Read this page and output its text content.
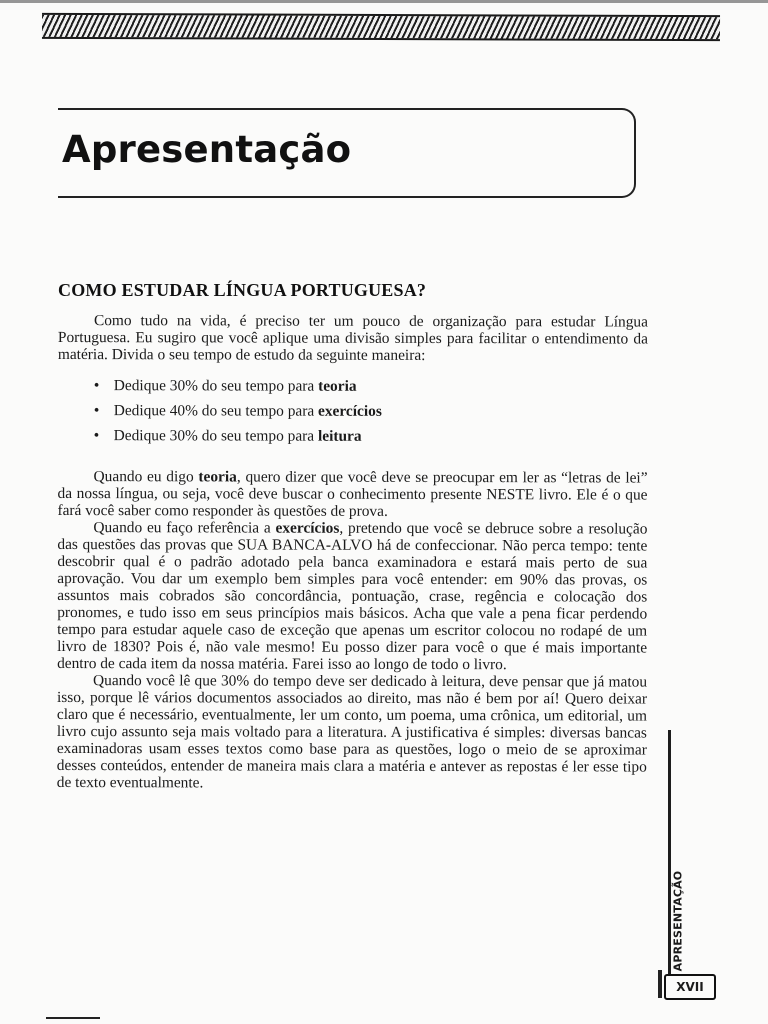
Apresentação
COMO ESTUDAR LÍNGUA PORTUGUESA?

Como tudo na vida, é preciso ter um pouco de organização para estudar Língua Portuguesa. Eu sugiro que você aplique uma divisão simples para facilitar o entendimento da matéria. Divida o seu tempo de estudo da seguinte maneira:

• Dedique 30% do seu tempo para teoria
• Dedique 40% do seu tempo para exercícios
• Dedique 30% do seu tempo para leitura

Quando eu digo teoria, quero dizer que você deve se preocupar em ler as “letras de lei” da nossa língua, ou seja, você deve buscar o conhecimento presente NESTE livro. Ele é o que fará você saber como responder às questões de prova.

Quando eu faço referência a exercícios, pretendo que você se debruce sobre a resolução das questões das provas que SUA BANCA-ALVO há de confeccionar. Não perca tempo: tente descobrir qual é o padrão adotado pela banca examinadora e estará mais perto de sua aprovação. Vou dar um exemplo bem simples para você entender: em 90% das provas, os assuntos mais cobrados são concordância, pontuação, crase, regência e colocação dos pronomes, e tudo isso em seus princípios mais básicos. Acha que vale a pena ficar perdendo tempo para estudar aquele caso de exceção que apenas um escritor colocou no rodapé de um livro de 1830? Pois é, não vale mesmo! Eu posso dizer para você o que é mais importante dentro de cada item da nossa matéria. Farei isso ao longo de todo o livro.

Quando você lê que 30% do tempo deve ser dedicado à leitura, deve pensar que já matou isso, porque lê vários documentos associados ao direito, mas não é bem por aí! Quero deixar claro que é necessário, eventualmente, ler um conto, um poema, uma crônica, um editorial, um livro cujo assunto seja mais voltado para a literatura. A justificativa é simples: diversas bancas examinadoras usam esses textos como base para as questões, logo o meio de se aproximar desses conteúdos, entender de maneira mais clara a matéria e antever as repostas é ler esse tipo de texto eventualmente.

APRESENTAÇÃO
XVII
